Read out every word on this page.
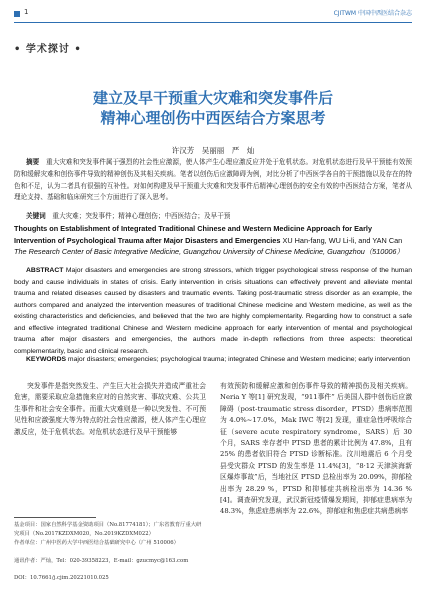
1	CJITWM 中国中西医结合杂志
• 学术探讨 •
建立及早干预重大灾难和突发事件后
精神心理创伤中西医结合方案思考
许汉芳　吴丽丽　严　灿
摘要　 重大灾难和突发事件属于强烈的社会性应激源，使人体产生心理应激反应并处于危机状态。对危机状态进行及早干预能有效预防和缓解灾难和创伤事件导致的精神创伤及其相关疾病。笔者以创伤后应激障碍为例，对比分析了中西医学各自的干预措施以及存在的特色和不足，认为二者具有很强的互补性。对如何构建及早干预重大灾难和突发事件后精神心理创伤的安全有效的中西医结合方案，笔者从理论支持、基础和临床研究三个方面进行了深入思考。
关键词　 重大灾难；突发事件；精神心理创伤；中西医结合；及早干预
Thoughts on Establishment of Integrated Traditional Chinese and Western Medicine Approach for Early Intervention of Psychological Trauma after Major Disasters and Emergencies XU Han-fang, WU Li-li, and YAN Can The Research Center of Basic Integrative Medicine, Guangzhou University of Chinese Medicine, Guangzhou（510006）
ABSTRACT Major disasters and emergencies are strong stressors, which trigger psychological stress response of the human body and cause individuals in states of crisis. Early intervention in crisis situations can effectively prevent and alleviate mental trauma and related diseases caused by disasters and traumatic events. Taking post-traumatic stress disorder as an example, the authors compared and analyzed the intervention measures of traditional Chinese medicine and Western medicine, as well as the existing characteristics and deficiencies, and believed that the two are highly complementarity. Regarding how to construct a safe and effective integrated traditional Chinese and Western medicine approach for early intervention of mental and psychological trauma after major disasters and emergencies, the authors made in-depth reflections from three aspects: theoretical complementarity, basic and clinical research.
KEYWORDS major disasters; emergencies; psychological trauma; integrated Chinese and Western medicine; early intervention
突发事件是指突然发生、产生巨大社会损失并造成严重社会危害，需要采取应急措施来应对的自然灾害、事故灾难、公共卫生事件和社会安全事件。而重大灾难则是一种以突发性、不可预见性和应激强度大等为特点的社会性应激源，使人体产生心理应激反应，处于危机状态。对危机状态进行及早干预能够
有效预防和缓解应激和创伤事件导致的精神损伤及相关疾病。Neria Y 等[1] 研究发现，“911事件” 后美国人群中创伤后应激障碍（post-traumatic stress disorder，PTSD）患病率范围为 4.0%~17.0%，Mak IWC 等[2] 发现，重症急性呼吸综合征（severe acute respiratory syndrome，SARS）后 30 个月，SARS 幸存者中 PTSD 患者的累计比例为 47.8%，且有 25% 的患者依旧符合 PTSD 诊断标准。汶川地震后 6 个月受县受灾群众 PTSD 的发生率是 11.4%[3]，“8·12 天津滨海新区爆炸事故”后，当地社区 PTSD 总检出率为 20.09%，抑郁检出率为 28.29 %，PTSD 和抑郁症共病检出率为 14.36 %[4]。调查研究发现，武汉新冠疫情爆发期间，抑郁症患病率为 48.3%，焦虑症患病率为 22.6%，抑郁症和焦虑症共病患病率
基金项目：国家自然科学基金资助项目（No.81774181）；广东省教育厅重大研究项目（No.2017KZDXM020，No.2019KZDXM022）
作者单位：广州中医药大学中西医结合基础研究中心（广州 510006）
通讯作者：严灿，Tel：020-39358223，E-mail：gzucmyc@163.com
DOI：10.7661/j.cjim.20221010.025
